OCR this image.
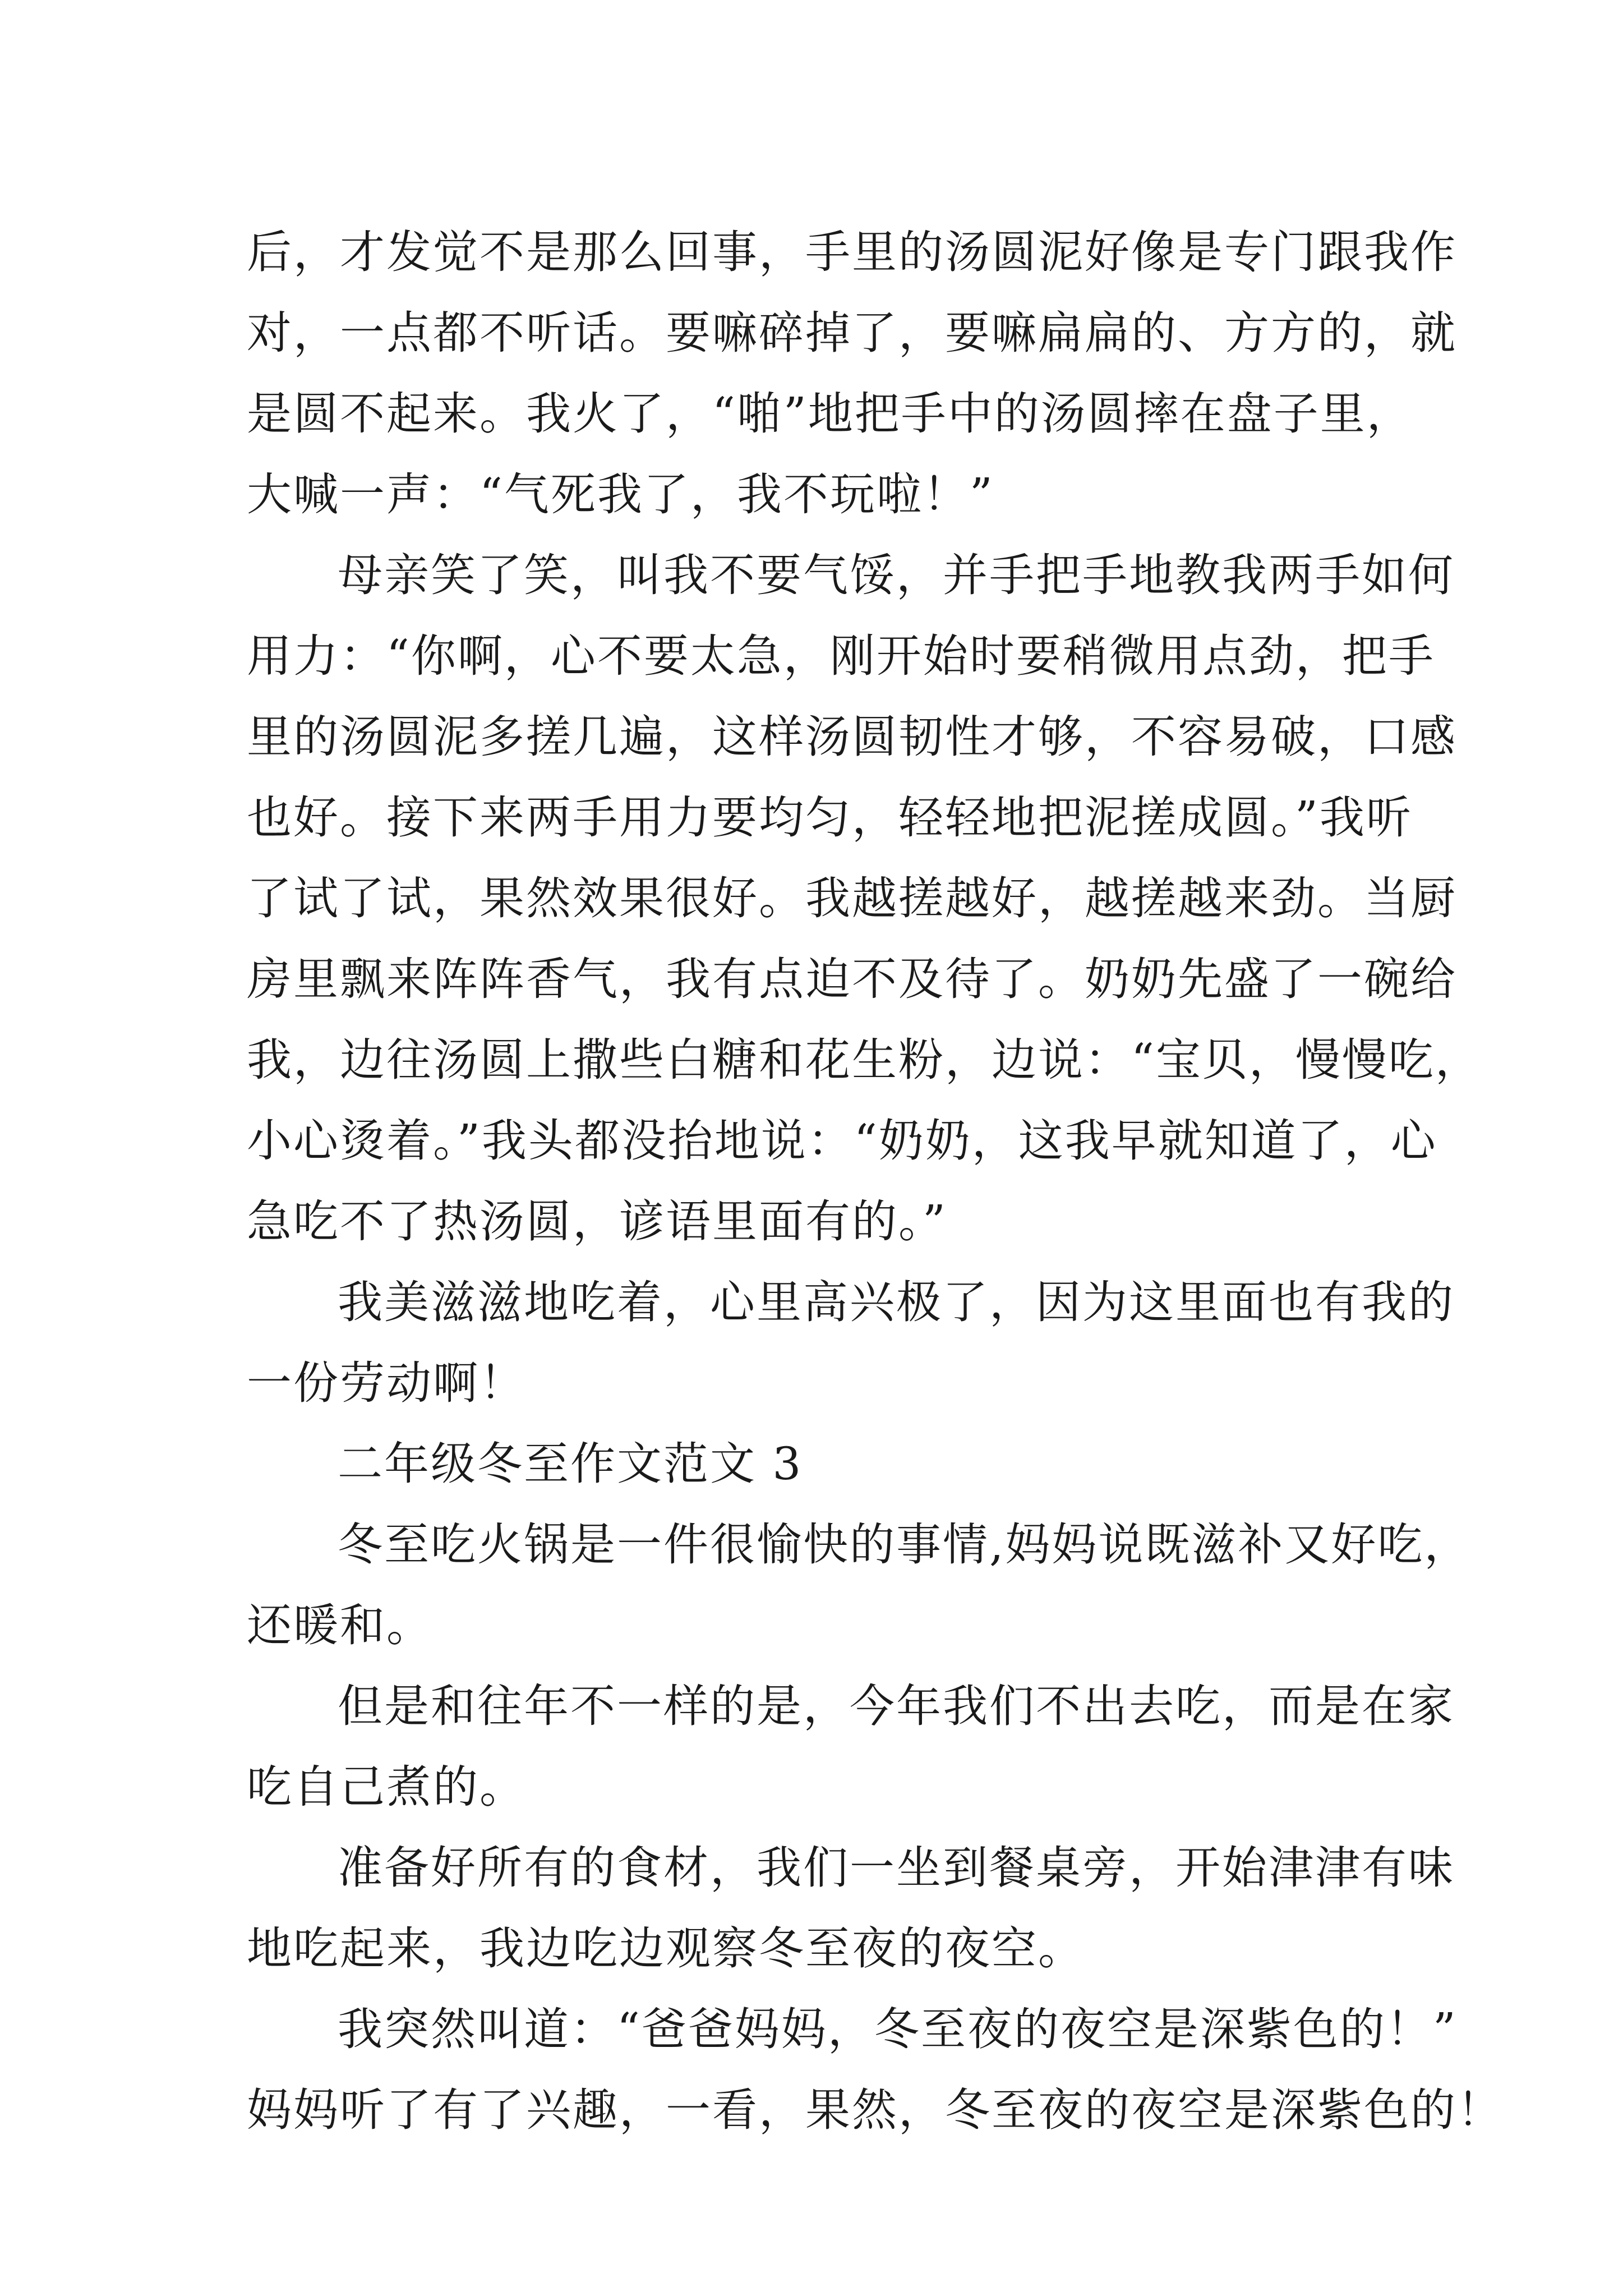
后，才发觉不是那么回事，手里的汤圆泥好像是专门跟我作
对，一点都不听话。要嘛碎掉了，要嘛扁扁的、方方的，就
是圆不起来。我火了，“啪”地把手中的汤圆摔在盘子里，
大喊一声：“气死我了，我不玩啦！”
母亲笑了笑，叫我不要气馁，并手把手地教我两手如何
用力：“你啊，心不要太急，刚开始时要稍微用点劲，把手
里的汤圆泥多搓几遍，这样汤圆韧性才够，不容易破，口感
也好。接下来两手用力要均匀，轻轻地把泥搓成圆。”我听
了试了试，果然效果很好。我越搓越好，越搓越来劲。当厨
房里飘来阵阵香气，我有点迫不及待了。奶奶先盛了一碗给
我，边往汤圆上撒些白糖和花生粉，边说：“宝贝，慢慢吃，
小心烫着。”我头都没抬地说：“奶奶，这我早就知道了，心
急吃不了热汤圆，谚语里面有的。”
我美滋滋地吃着，心里高兴极了，因为这里面也有我的
一份劳动啊！
二年级冬至作文范文 3
冬至吃火锅是一件很愉快的事情,妈妈说既滋补又好吃，
还暖和。
但是和往年不一样的是，今年我们不出去吃，而是在家
吃自己煮的。
准备好所有的食材，我们一坐到餐桌旁，开始津津有味
地吃起来，我边吃边观察冬至夜的夜空。
我突然叫道：“爸爸妈妈，冬至夜的夜空是深紫色的！”
妈妈听了有了兴趣，一看，果然，冬至夜的夜空是深紫色的！
